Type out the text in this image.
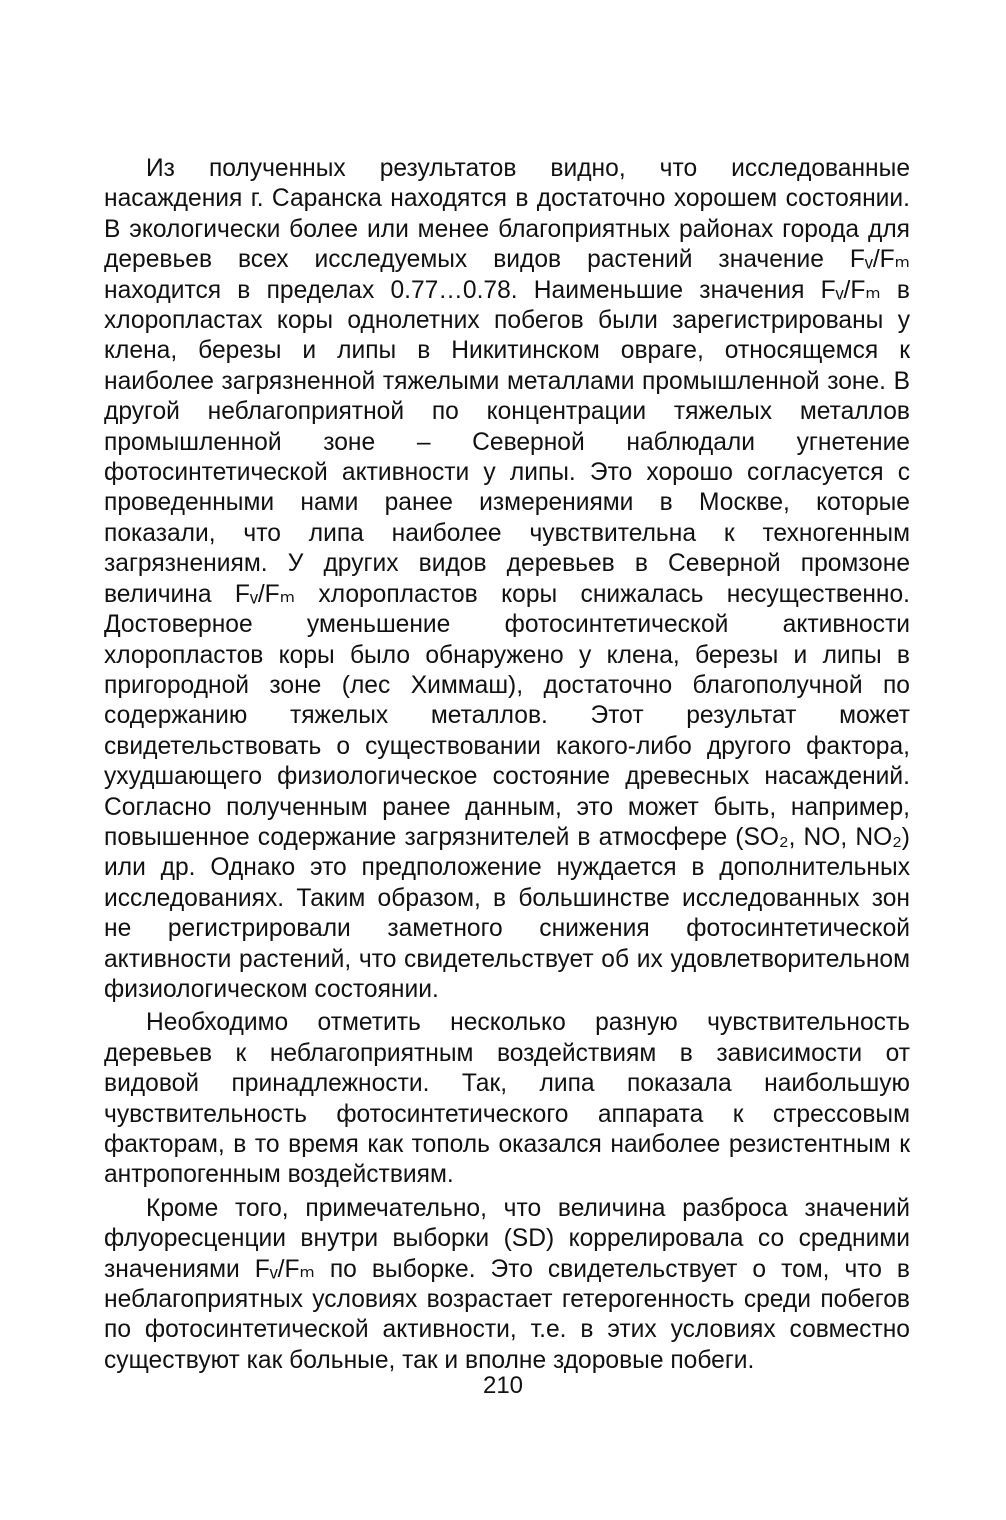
Из полученных результатов видно, что исследованные насаждения г. Саранска находятся в достаточно хорошем состоянии. В экологически более или менее благоприятных районах города для деревьев всех исследуемых видов растений значение Fᵥ/Fₘ находится в пределах 0.77…0.78. Наименьшие значения Fᵥ/Fₘ в хлоропластах коры однолетних побегов были зарегистрированы у клена, березы и липы в Никитинском овраге, относящемся к наиболее загрязненной тяжелыми металлами промышленной зоне. В другой неблагоприятной по концентрации тяжелых металлов промышленной зоне – Северной наблюдали угнетение фотосинтетической активности у липы. Это хорошо согласуется с проведенными нами ранее измерениями в Москве, которые показали, что липа наиболее чувствительна к техногенным загрязнениям. У других видов деревьев в Северной промзоне величина Fᵥ/Fₘ хлоропластов коры снижалась несущественно. Достоверное уменьшение фотосинтетической активности хлоропластов коры было обнаружено у клена, березы и липы в пригородной зоне (лес Химмаш), достаточно благополучной по содержанию тяжелых металлов. Этот результат может свидетельствовать о существовании какого-либо другого фактора, ухудшающего физиологическое состояние древесных насаждений. Согласно полученным ранее данным, это может быть, например, повышенное содержание загрязнителей в атмосфере (SO₂, NO, NO₂) или др. Однако это предположение нуждается в дополнительных исследованиях. Таким образом, в большинстве исследованных зон не регистрировали заметного снижения фотосинтетической активности растений, что свидетельствует об их удовлетворительном физиологическом состоянии.

Необходимо отметить несколько разную чувствительность деревьев к неблагоприятным воздействиям в зависимости от видовой принадлежности. Так, липа показала наибольшую чувствительность фотосинтетического аппарата к стрессовым факторам, в то время как тополь оказался наиболее резистентным к антропогенным воздействиям.

Кроме того, примечательно, что величина разброса значений флуоресценции внутри выборки (SD) коррелировала со средними значениями Fᵥ/Fₘ по выборке. Это свидетельствует о том, что в неблагоприятных условиях возрастает гетерогенность среди побегов по фотосинтетической активности, т.е. в этих условиях совместно существуют как больные, так и вполне здоровые побеги.

210
